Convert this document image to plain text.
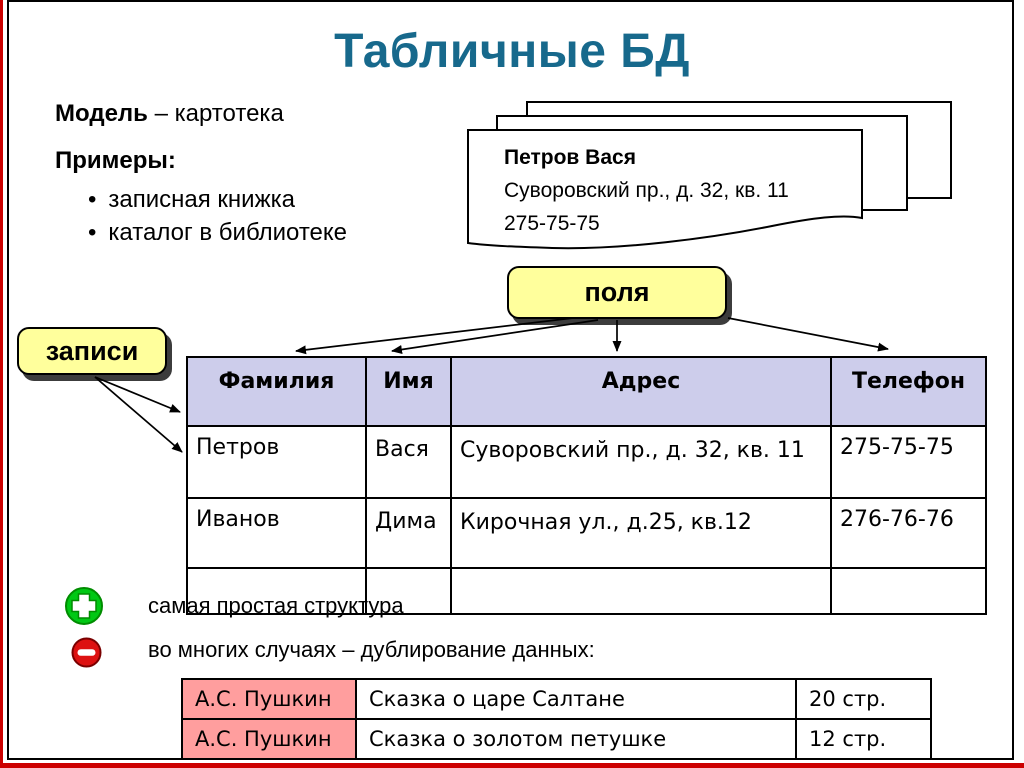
Табличные БД
Модель – картотека
Примеры:
• записная книжка
• каталог в библиотеке
Петров Вася
Суворовский пр., д. 32, кв. 11
275-75-75
самая простая структура
во многих случаях – дублирование данных:
Фамилия	Имя	Адрес	Телефон
Петров	Вася	Суворовский пр., д. 32, кв. 11	275-75-75
Иванов	Дима	Кирочная ул., д.25, кв.12	276-76-76

поля
записи
А.С. Пушкин	Сказка о царе Салтане	20 стр.
А.С. Пушкин	Сказка о золотом петушке	12 стр.
